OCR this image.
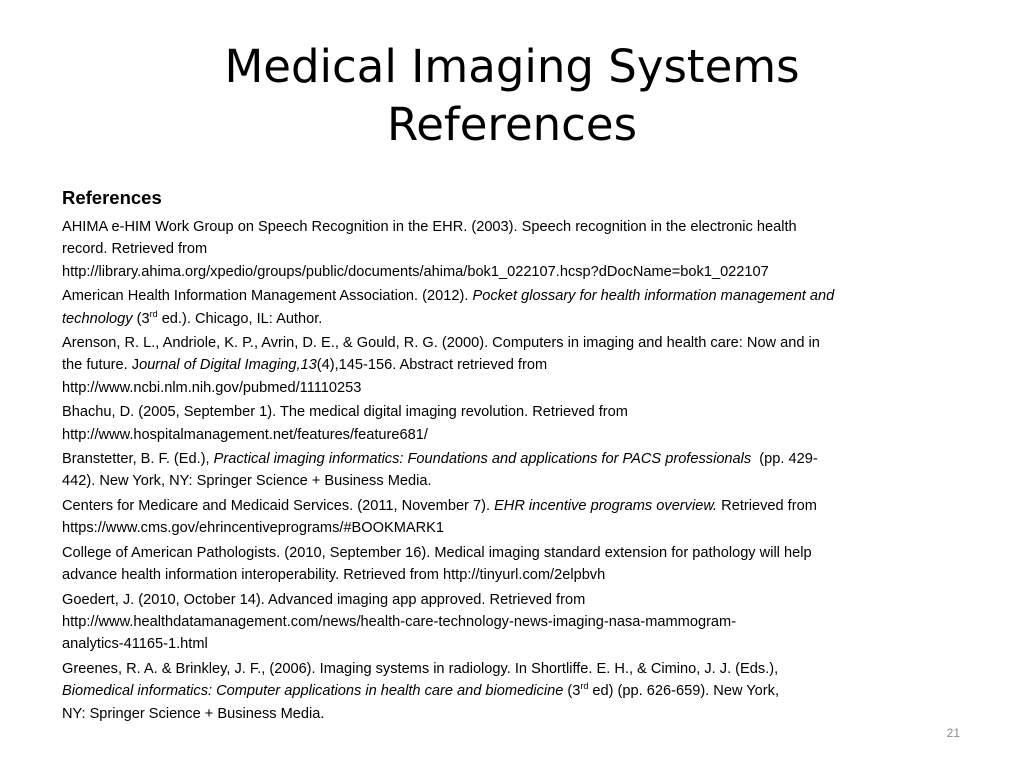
Medical Imaging Systems
References
References
AHIMA e-HIM Work Group on Speech Recognition in the EHR. (2003). Speech recognition in the electronic health
record. Retrieved from
http://library.ahima.org/xpedio/groups/public/documents/ahima/bok1_022107.hcsp?dDocName=bok1_022107
American Health Information Management Association. (2012). Pocket glossary for health information management and
technology (3rd ed.). Chicago, IL: Author.
Arenson, R. L., Andriole, K. P., Avrin, D. E., & Gould, R. G. (2000). Computers in imaging and health care: Now and in
the future. Journal of Digital Imaging,13(4),145-156. Abstract retrieved from
http://www.ncbi.nlm.nih.gov/pubmed/11110253
Bhachu, D. (2005, September 1). The medical digital imaging revolution. Retrieved from
http://www.hospitalmanagement.net/features/feature681/
Branstetter, B. F. (Ed.), Practical imaging informatics: Foundations and applications for PACS professionals  (pp. 429-
442). New York, NY: Springer Science + Business Media.
Centers for Medicare and Medicaid Services. (2011, November 7). EHR incentive programs overview. Retrieved from
https://www.cms.gov/ehrincentiveprograms/#BOOKMARK1
College of American Pathologists. (2010, September 16). Medical imaging standard extension for pathology will help
advance health information interoperability. Retrieved from http://tinyurl.com/2elpbvh
Goedert, J. (2010, October 14). Advanced imaging app approved. Retrieved from
http://www.healthdatamanagement.com/news/health-care-technology-news-imaging-nasa-mammogram-
analytics-41165-1.html
Greenes, R. A. & Brinkley, J. F., (2006). Imaging systems in radiology. In Shortliffe. E. H., & Cimino, J. J. (Eds.),
Biomedical informatics: Computer applications in health care and biomedicine (3rd ed) (pp. 626-659). New York,
NY: Springer Science + Business Media.
21
